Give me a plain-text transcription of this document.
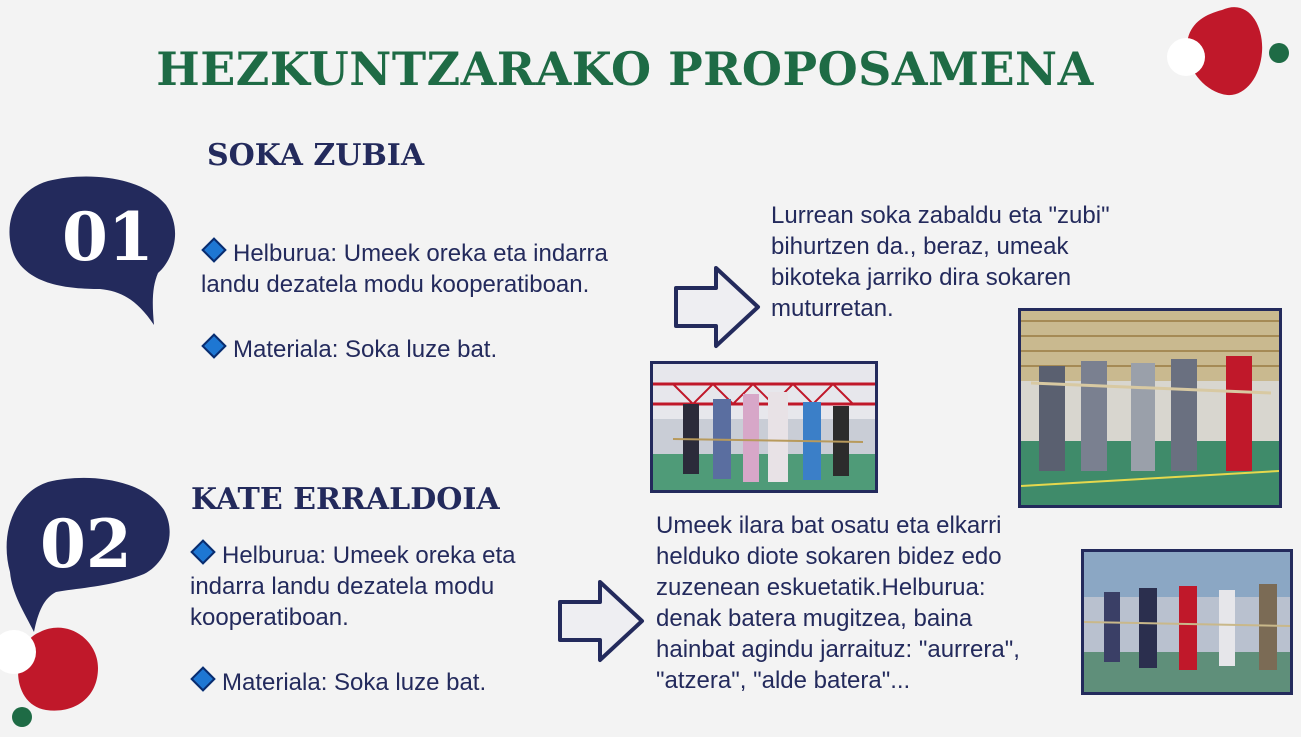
HEZKUNTZARAKO PROPOSAMENA
SOKA ZUBIA
01	Helburua: Umeek oreka eta indarra landu dezatela modu kooperatiboan.
Materiala: Soka luze bat.
Lurrean soka zabaldu eta "zubi" bihurtzen da., beraz, umeak bikoteka jarriko dira sokaren muturretan.
02
KATE ERRALDOIA
Helburua: Umeek oreka eta indarra landu dezatela modu kooperatiboan.
Materiala: Soka luze bat.
Umeek ilara bat osatu eta elkarri helduko diote sokaren bidez edo zuzenean eskuetatik.Helburua: denak batera mugitzea, baina hainbat agindu jarraituz: "aurrera", "atzera", "alde batera"...
